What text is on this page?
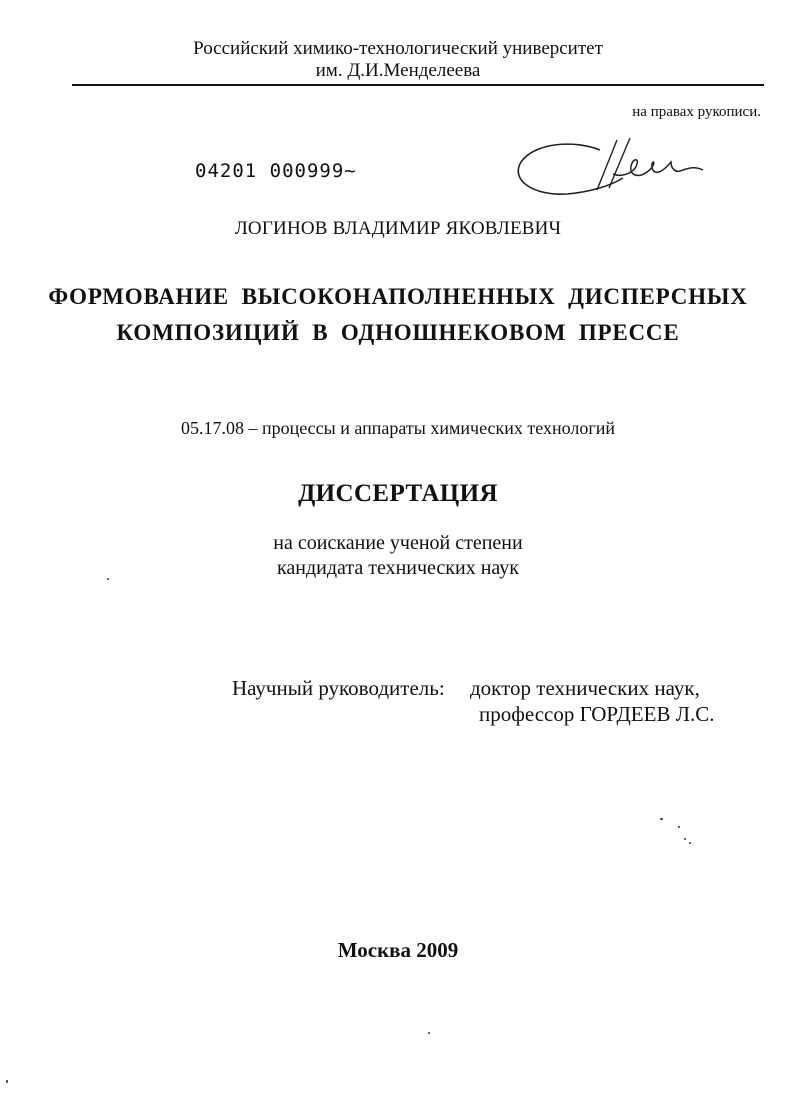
Российский химико-технологический университет
им. Д.И.Менделеева
на правах рукописи.
04201 000999~
ЛОГИНОВ ВЛАДИМИР ЯКОВЛЕВИЧ
ФОРМОВАНИЕ ВЫСОКОНАПОЛНЕННЫХ ДИСПЕРСНЫХ
КОМПОЗИЦИЙ В ОДНОШНЕКОВОМ ПРЕССЕ
05.17.08 – процессы и аппараты химических технологий
ДИССЕРТАЦИЯ
на соискание ученой степени
кандидата технических наук
Научный руководитель: доктор технических наук,
профессор ГОРДЕЕВ Л.С.
Москва 2009
